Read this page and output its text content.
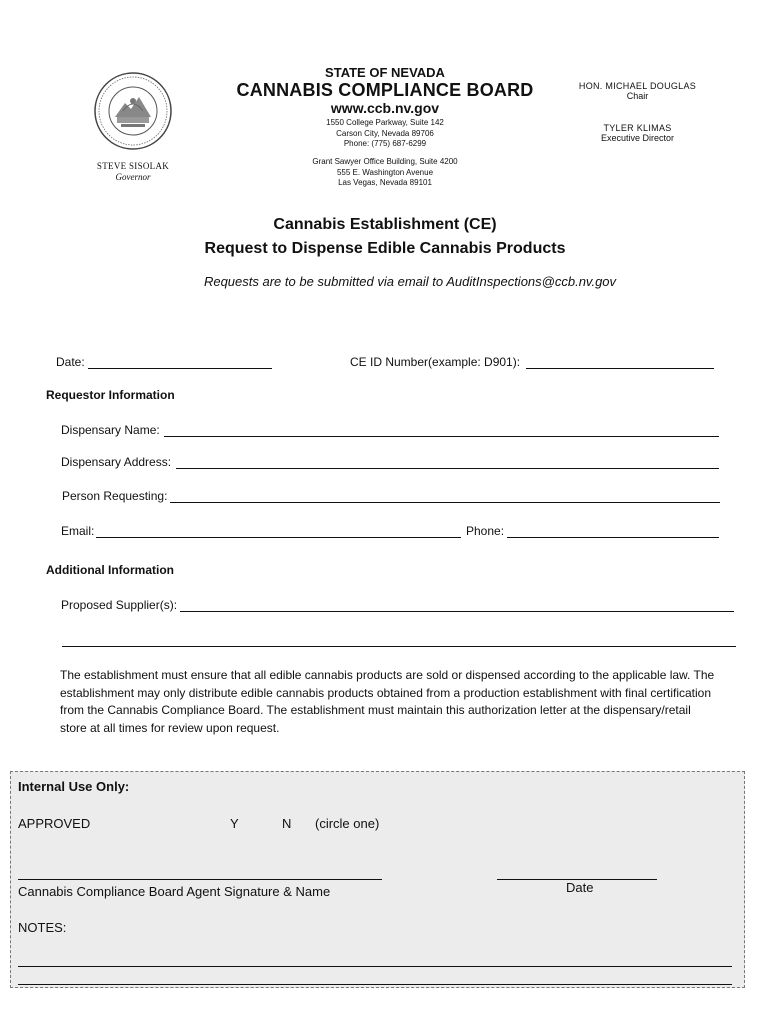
STEVE SISOLAK
Governor
STATE OF NEVADA
CANNABIS COMPLIANCE BOARD
www.ccb.nv.gov
1550 College Parkway, Suite 142
Carson City, Nevada 89706
Phone: (775) 687-6299
Grant Sawyer Office Building, Suite 4200
555 E. Washington Avenue
Las Vegas, Nevada 89101
HON. MICHAEL DOUGLAS
Chair
TYLER KLIMAS
Executive Director
Cannabis Establishment (CE)
Request to Dispense Edible Cannabis Products
Requests are to be submitted via email to AuditInspections@ccb.nv.gov
Date:	CE ID Number(example: D901):
Requestor Information
Dispensary Name:
Dispensary Address:
Person Requesting:
Email:	Phone:
Additional Information
Proposed Supplier(s):
The establishment must ensure that all edible cannabis products are sold or dispensed according to the applicable law. The establishment may only distribute edible cannabis products obtained from a production establishment with final certification from the Cannabis Compliance Board. The establishment must maintain this authorization letter at the dispensary/retail store at all times for review upon request.
Internal Use Only:
APPROVED	Y	N (circle one)
Cannabis Compliance Board Agent Signature & Name	Date
NOTES:
